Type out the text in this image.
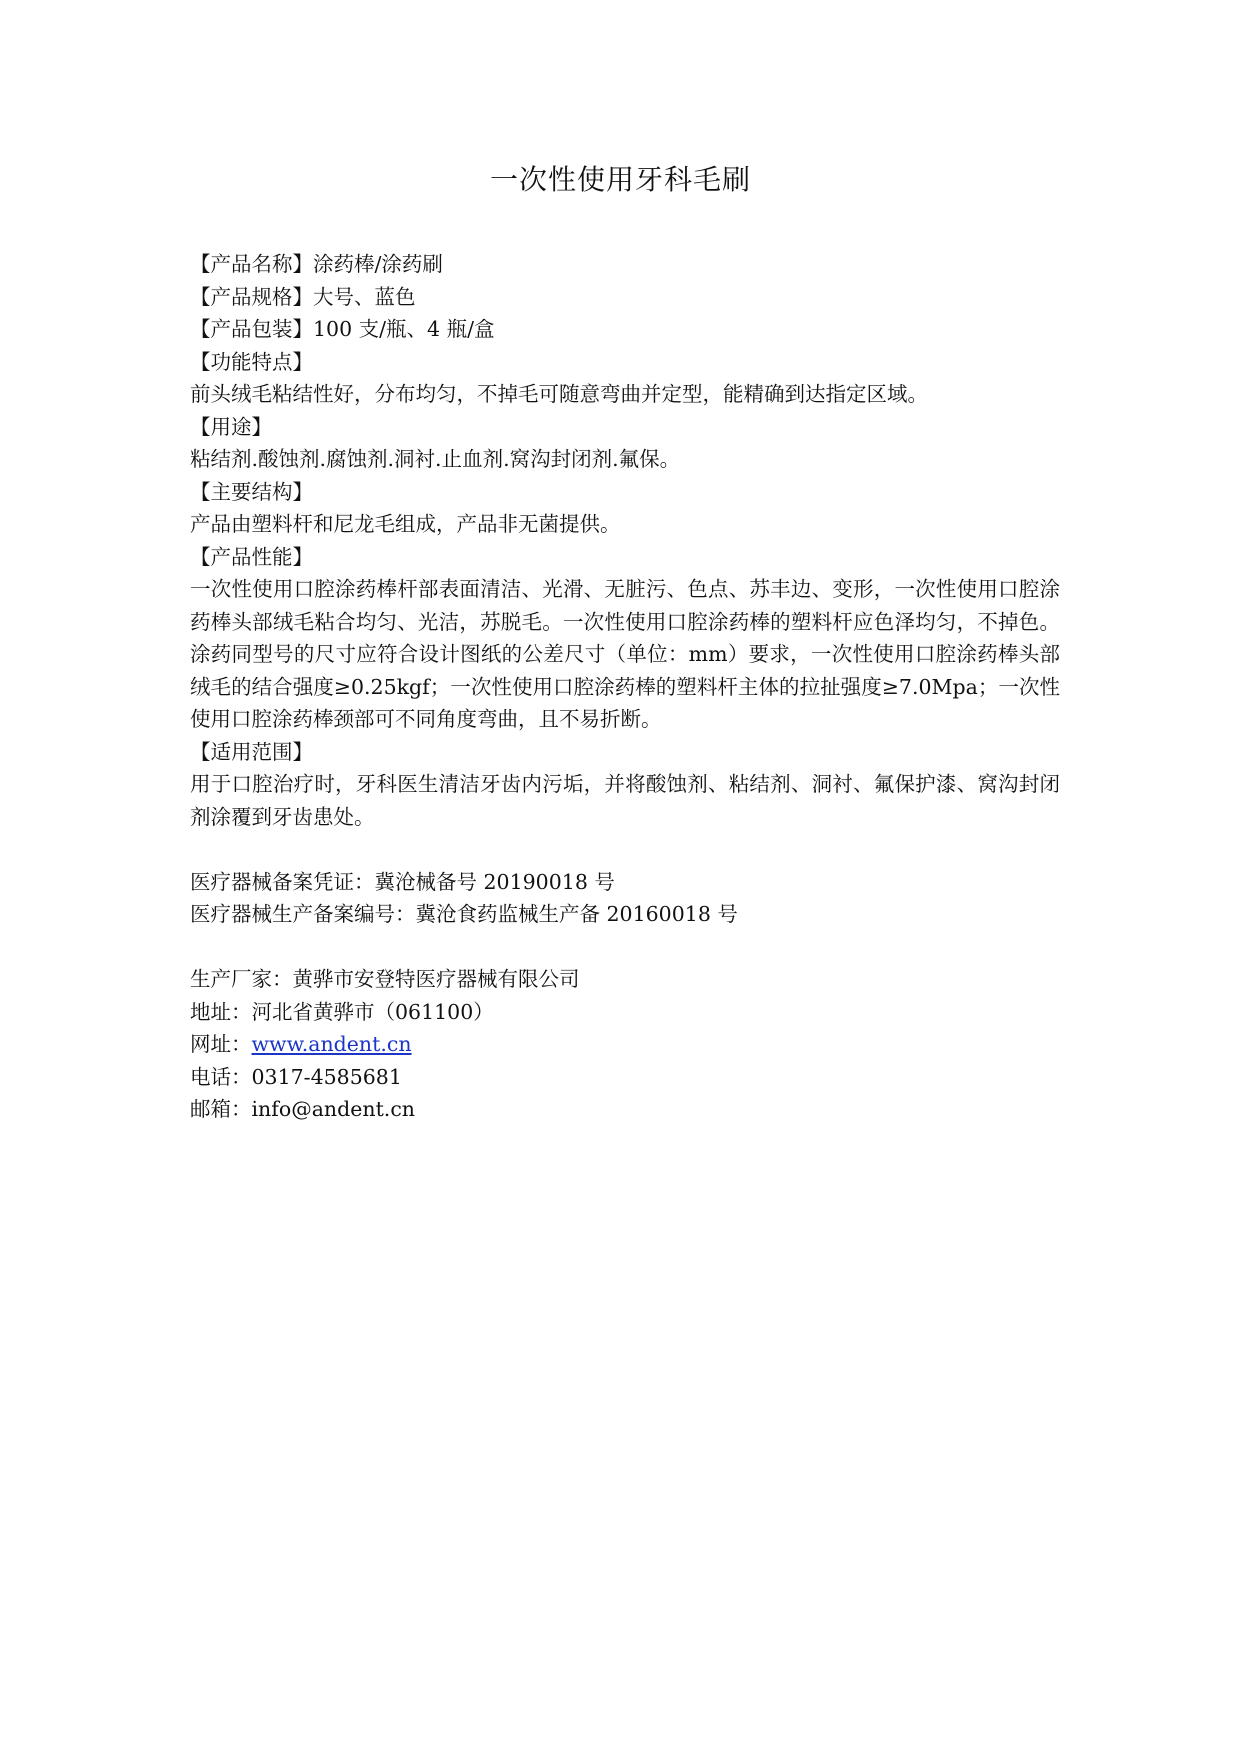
一次性使用牙科毛刷
【产品名称】涂药棒/涂药刷
【产品规格】大号、蓝色
【产品包装】100 支/瓶、4 瓶/盒
【功能特点】
前头绒毛粘结性好，分布均匀，不掉毛可随意弯曲并定型，能精确到达指定区域。
【用途】
粘结剂.酸蚀剂.腐蚀剂.洞衬.止血剂.窝沟封闭剂.氟保。
【主要结构】
产品由塑料杆和尼龙毛组成，产品非无菌提供。
【产品性能】
一次性使用口腔涂药棒杆部表面清洁、光滑、无脏污、色点、苏丰边、变形，一次性使用口腔涂药棒头部绒毛粘合均匀、光洁，苏脱毛。一次性使用口腔涂药棒的塑料杆应色泽均匀，不掉色。涂药同型号的尺寸应符合设计图纸的公差尺寸（单位：mm）要求，一次性使用口腔涂药棒头部绒毛的结合强度≥0.25kgf；一次性使用口腔涂药棒的塑料杆主体的拉扯强度≥7.0Mpa；一次性使用口腔涂药棒颈部可不同角度弯曲，且不易折断。
【适用范围】
用于口腔治疗时，牙科医生清洁牙齿内污垢，并将酸蚀剂、粘结剂、洞衬、氟保护漆、窝沟封闭剂涂覆到牙齿患处。
医疗器械备案凭证：冀沧械备号 20190018 号
医疗器械生产备案编号：冀沧食药监械生产备 20160018 号
生产厂家：黄骅市安登特医疗器械有限公司
地址：河北省黄骅市（061100）
网址：www.andent.cn
电话：0317-4585681
邮箱：info@andent.cn
